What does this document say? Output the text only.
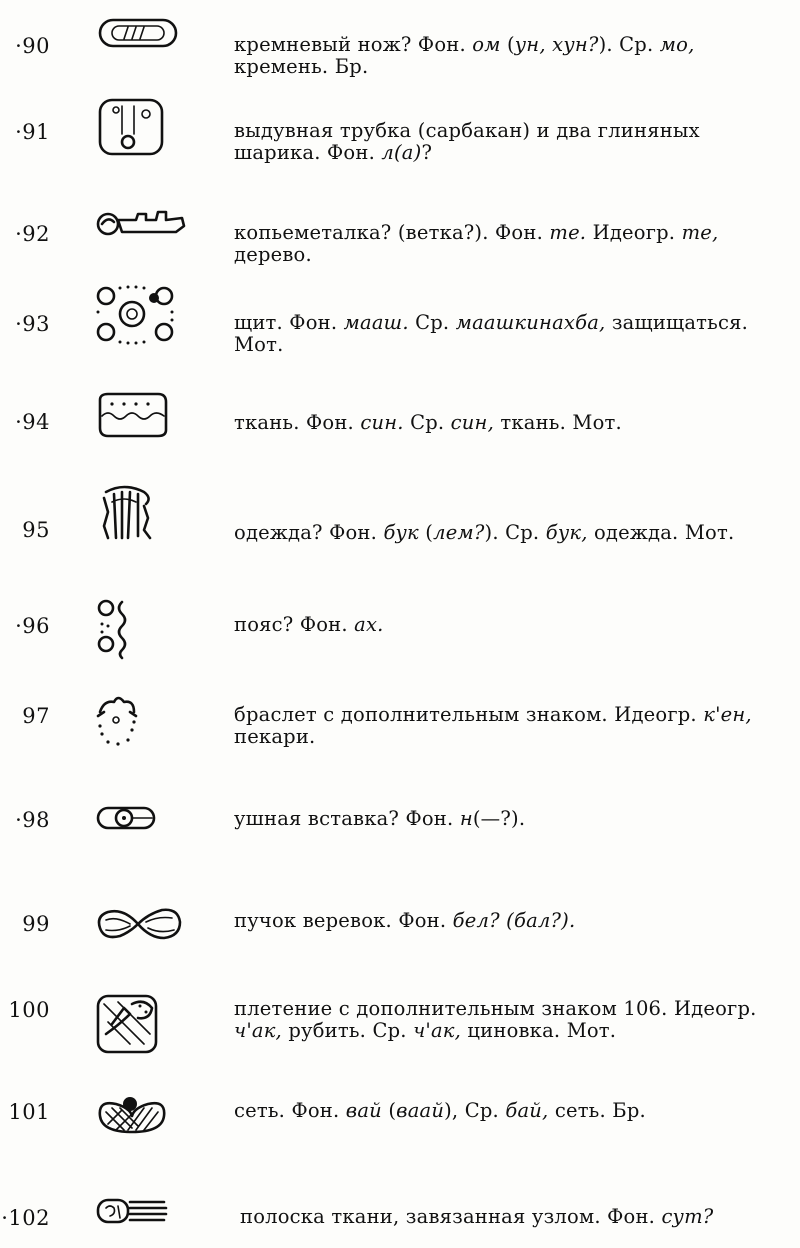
·90	кремневый нож? Фон. ом (ун, хун?). Ср. мо, кремень. Бр.
·91	выдувная трубка (сарбакан) и два глиняных шарика. Фон. л(а)?
·92	копьеметалка? (ветка?). Фон. те. Идеогр. те, дерево.
·93	щит. Фон. мааш. Ср. маашкинахба, защищаться. Мот.
·94	ткань. Фон. син. Ср. син, ткань. Мот.
95	одежда? Фон. бук (лем?). Ср. бук, одежда. Мот.
·96	пояс? Фон. ах.
97	браслет с дополнительным знаком. Идеогр. к'ен, пекари.
·98	ушная вставка? Фон. н(—?).
99	пучок веревок. Фон. бел? (бал?).
100	плетение с дополнительным знаком 106. Идеогр. ч'ак, рубить. Ср. ч'ак, циновка. Мот.
101	сеть. Фон. вай (ваай), Ср. бай, сеть. Бр.
·102	полоска ткани, завязанная узлом. Фон. сут?
